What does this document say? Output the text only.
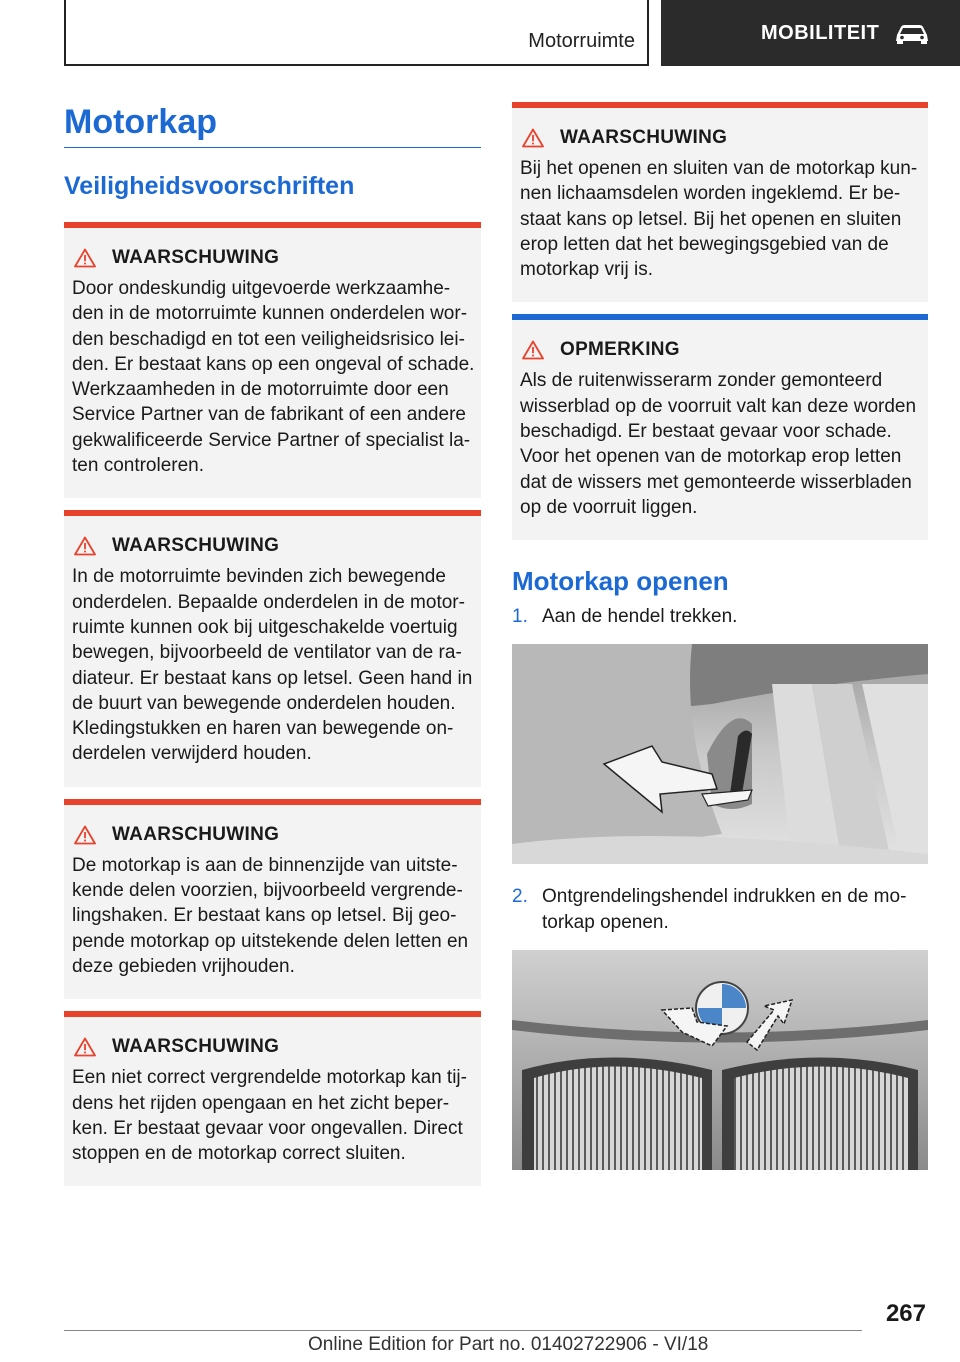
Motorruimte	MOBILITEIT
Motorkap
Veiligheidsvoorschriften
WAARSCHUWING

Door ondeskundig uitgevoerde werkzaamheden in de motorruimte kunnen onderdelen worden beschadigd en tot een veiligheidsrisico leiden. Er bestaat kans op een ongeval of schade. Werkzaamheden in de motorruimte door een Service Partner van de fabrikant of een andere gekwalificeerde Service Partner of specialist laten controleren.

WAARSCHUWING

In de motorruimte bevinden zich bewegende onderdelen. Bepaalde onderdelen in de motorruimte kunnen ook bij uitgeschakelde voertuig bewegen, bijvoorbeeld de ventilator van de radiateur. Er bestaat kans op letsel. Geen hand in de buurt van bewegende onderdelen houden. Kledingstukken en haren van bewegende onderdelen verwijderd houden.

WAARSCHUWING

De motorkap is aan de binnenzijde van uitstekende delen voorzien, bijvoorbeeld vergrendelingshaken. Er bestaat kans op letsel. Bij geopende motorkap op uitstekende delen letten en deze gebieden vrijhouden.

WAARSCHUWING

Een niet correct vergrendelde motorkap kan tijdens het rijden opengaan en het zicht beperken. Er bestaat gevaar voor ongevallen. Direct stoppen en de motorkap correct sluiten.

WAARSCHUWING

Bij het openen en sluiten van de motorkap kunnen lichaamsdelen worden ingeklemd. Er bestaat kans op letsel. Bij het openen en sluiten erop letten dat het bewegingsgebied van de motorkap vrij is.

OPMERKING

Als de ruitenwisserarm zonder gemonteerd wisserblad op de voorruit valt kan deze worden beschadigd. Er bestaat gevaar voor schade. Voor het openen van de motorkap erop letten dat de wissers met gemonteerde wisserbladen op de voorruit liggen.

Motorkap openen
1. Aan de hendel trekken.
2. Ontgrendelingshendel indrukken en de motorkap openen.
267
Online Edition for Part no. 01402722906 - VI/18
